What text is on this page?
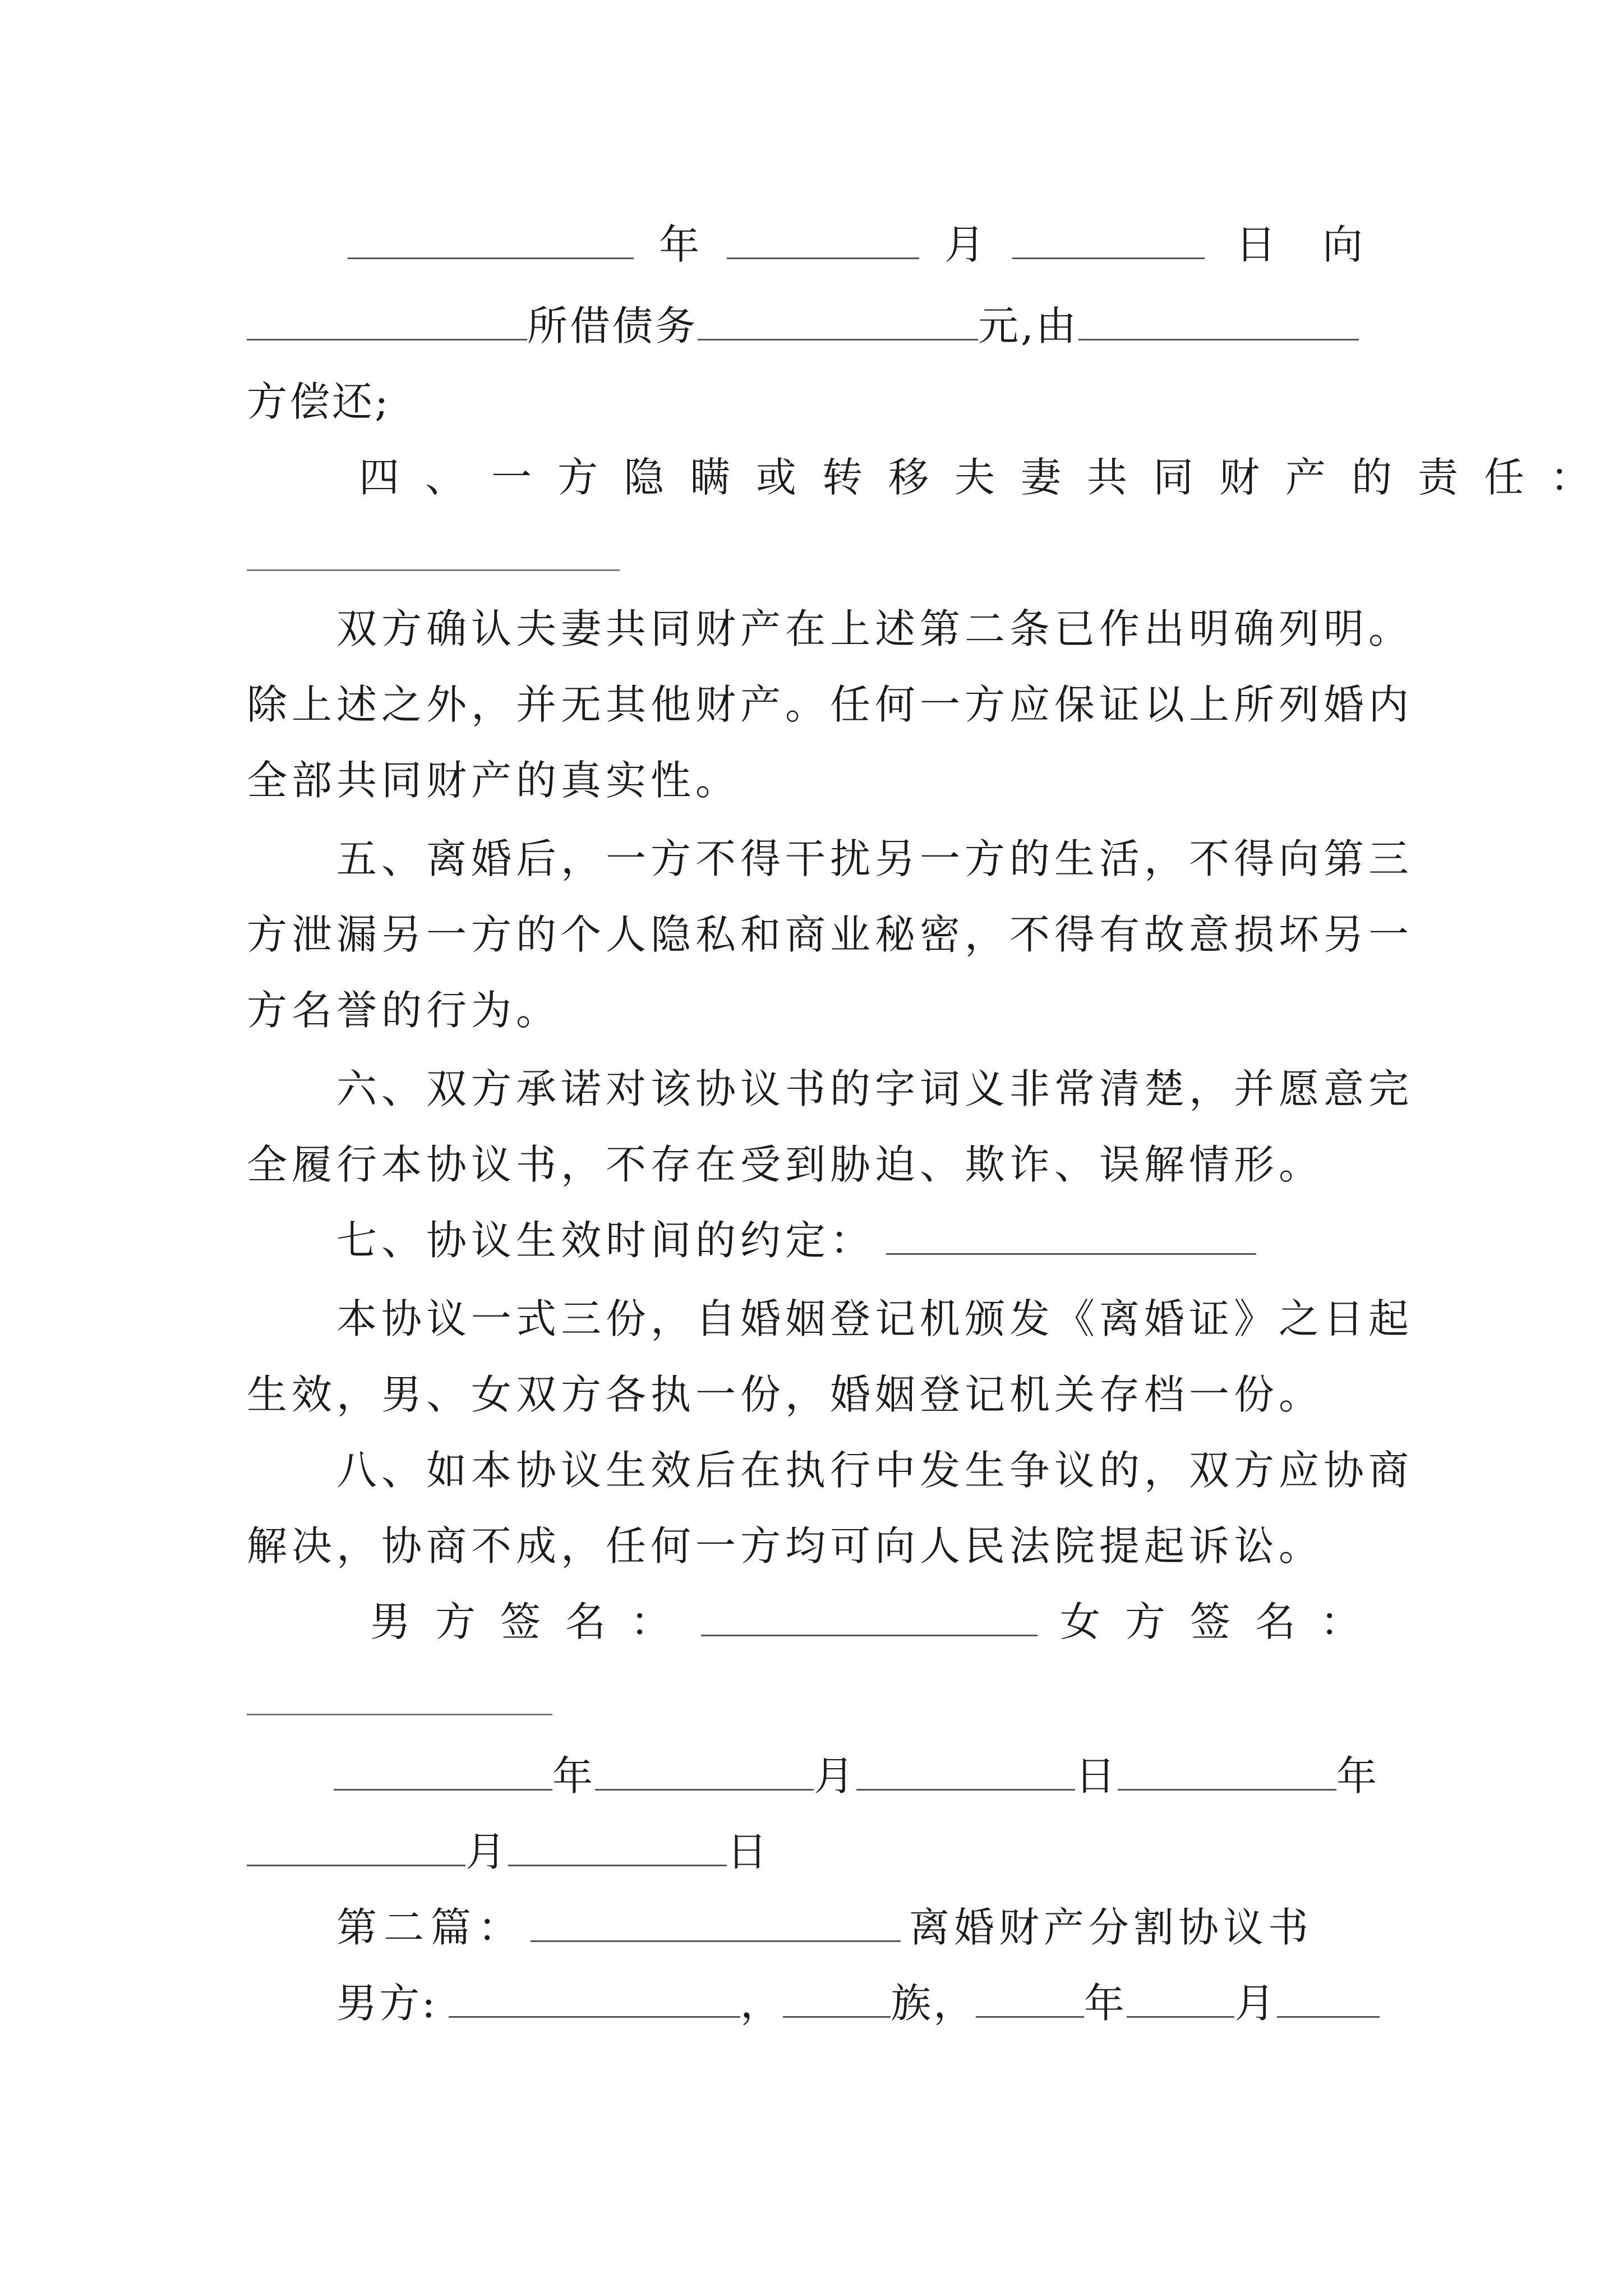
年	月	日 向
所借债务	元,由
方偿还;
四、一方隐瞒或转移夫妻共同财产的责任：
双方确认夫妻共同财产在上述第二条已作出明确列明。
除上述之外，并无其他财产。任何一方应保证以上所列婚内
全部共同财产的真实性。
五、离婚后，一方不得干扰另一方的生活，不得向第三
方泄漏另一方的个人隐私和商业秘密，不得有故意损坏另一
方名誉的行为。
六、双方承诺对该协议书的字词义非常清楚，并愿意完
全履行本协议书，不存在受到胁迫、欺诈、误解情形。
七、协议生效时间的约定：
本协议一式三份，自婚姻登记机颁发《离婚证》之日起
生效，男、女双方各执一份，婚姻登记机关存档一份。
八、如本协议生效后在执行中发生争议的，双方应协商
解决，协商不成，任何一方均可向人民法院提起诉讼。
男方签名：	女方签名：
年	月	日	年
月	日
第二篇：	离婚财产分割协议书
男方:	，	族，	年	月
